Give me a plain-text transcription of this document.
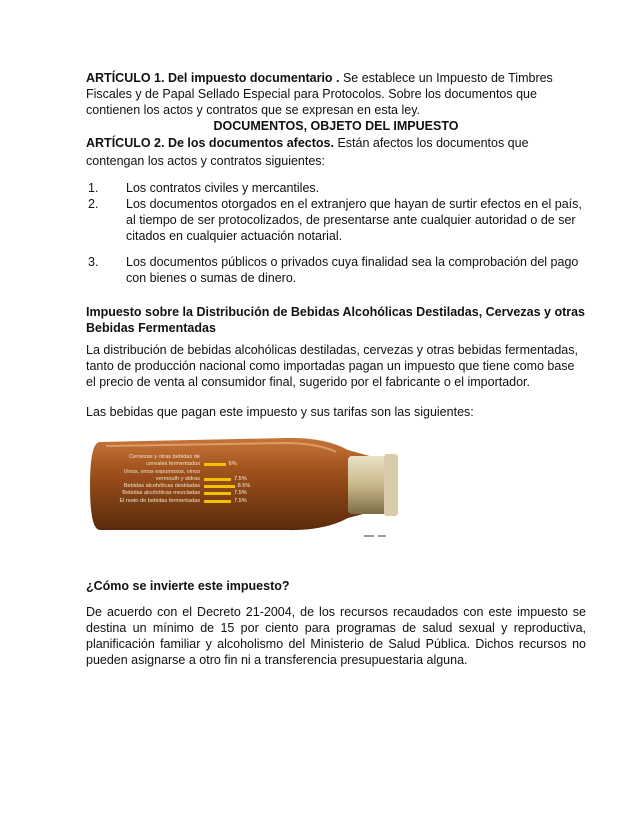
ARTÍCULO 1. Del impuesto documentario . Se establece un Impuesto de Timbres Fiscales y de Papal Sellado Especial para Protocolos. Sobre los documentos que contienen los actos y contratos que se expresan en esta ley.

DOCUMENTOS, OBJETO DEL IMPUESTO

ARTÍCULO 2. De los documentos afectos. Están afectos los documentos que contengan los actos y contratos siguientes:

1. Los contratos civiles y mercantiles.
2. Los documentos otorgados en el extranjero que hayan de surtir efectos en el país, al tiempo de ser protocolizados, de presentarse ante cualquier autoridad o de ser citados en cualquier actuación notarial.
3. Los documentos públicos o privados cuya finalidad sea la comprobación del pago con bienes o sumas de dinero.

Impuesto sobre la Distribución de Bebidas Alcohólicas Destiladas, Cervezas y otras Bebidas Fermentadas

La distribución de bebidas alcohólicas destiladas, cervezas y otras bebidas fermentadas, tanto de producción nacional como importadas pagan un impuesto que tiene como base el precio de venta al consumidor final, sugerido por el fabricante o el importador.

Las bebidas que pagan este impuesto y sus tarifas son las siguientes:

Cervezas y otras bebidas de
cereales fermentados	6%
Vinos, vinos espumosos, vinos
vermouth y sidras	7.5%
Bebidas alcohólicas destiladas	8.5%
Bebidas alcohólicas mezcladas	7.5%
El resto de bebidas fermentadas	7.5%

¿Cómo se invierte este impuesto?

De acuerdo con el Decreto 21-2004, de los recursos recaudados con este impuesto se destina un mínimo de 15 por ciento para programas de salud sexual y reproductiva, planificación familiar y alcoholismo del Ministerio de Salud Pública. Dichos recursos no pueden asignarse a otro fin ni a transferencia presupuestaria alguna.
